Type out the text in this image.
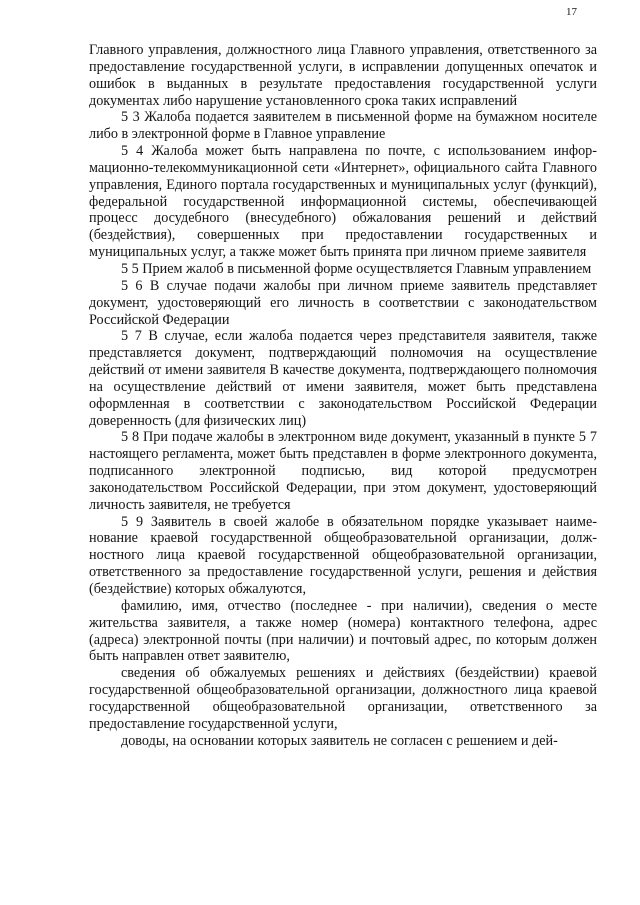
17

Главного управления, должностного лица Главного управления, ответственного за предоставление государственной услуги, в исправлении допущенных опечаток и ошибок в выданных в результате предоставления государственной услуги документах либо нарушение установленного срока таких исправлений

5 3 Жалоба подается заявителем в письменной форме на бумажном носителе либо в электронной форме в Главное управление

5 4 Жалоба может быть направлена по почте, с использованием информационно-телекоммуникационной сети «Интернет», официального сайта Главного управления, Единого портала государственных и муниципальных услуг (функций), федеральной государственной информационной системы, обеспечивающей процесс досудебного (внесудебного) обжалования решений и действий (бездействия), совершенных при предоставлении государственных и муниципальных услуг, а также может быть принята при личном приеме заявителя

5 5 Прием жалоб в письменной форме осуществляется Главным управлением

5 6 В случае подачи жалобы при личном приеме заявитель представляет документ, удостоверяющий его личность в соответствии с законодательством Российской Федерации

5 7 В случае, если жалоба подается через представителя заявителя, также представляется документ, подтверждающий полномочия на осуществление действий от имени заявителя В качестве документа, подтверждающего полномочия на осуществление действий от имени заявителя, может быть представлена оформленная в соответствии с законодательством Российской Федерации доверенность (для физических лиц)

5 8 При подаче жалобы в электронном виде документ, указанный в пункте 5 7 настоящего регламента, может быть представлен в форме электронного документа, подписанного электронной подписью, вид которой предусмотрен законодательством Российской Федерации, при этом документ, удостоверяющий личность заявителя, не требуется

5 9 Заявитель в своей жалобе в обязательном порядке указывает наименование краевой государственной общеобразовательной организации, должностного лица краевой государственной общеобразовательной организации, ответственного за предоставление государственной услуги, решения и действия (бездействие) которых обжалуются,

фамилию, имя, отчество (последнее - при наличии), сведения о месте жительства заявителя, а также номер (номера) контактного телефона, адрес (адреса) электронной почты (при наличии) и почтовый адрес, по которым должен быть направлен ответ заявителю,

сведения об обжалуемых решениях и действиях (бездействии) краевой государственной общеобразовательной организации, должностного лица краевой государственной общеобразовательной организации, ответственного за предоставление государственной услуги,

доводы, на основании которых заявитель не согласен с решением и дей-
